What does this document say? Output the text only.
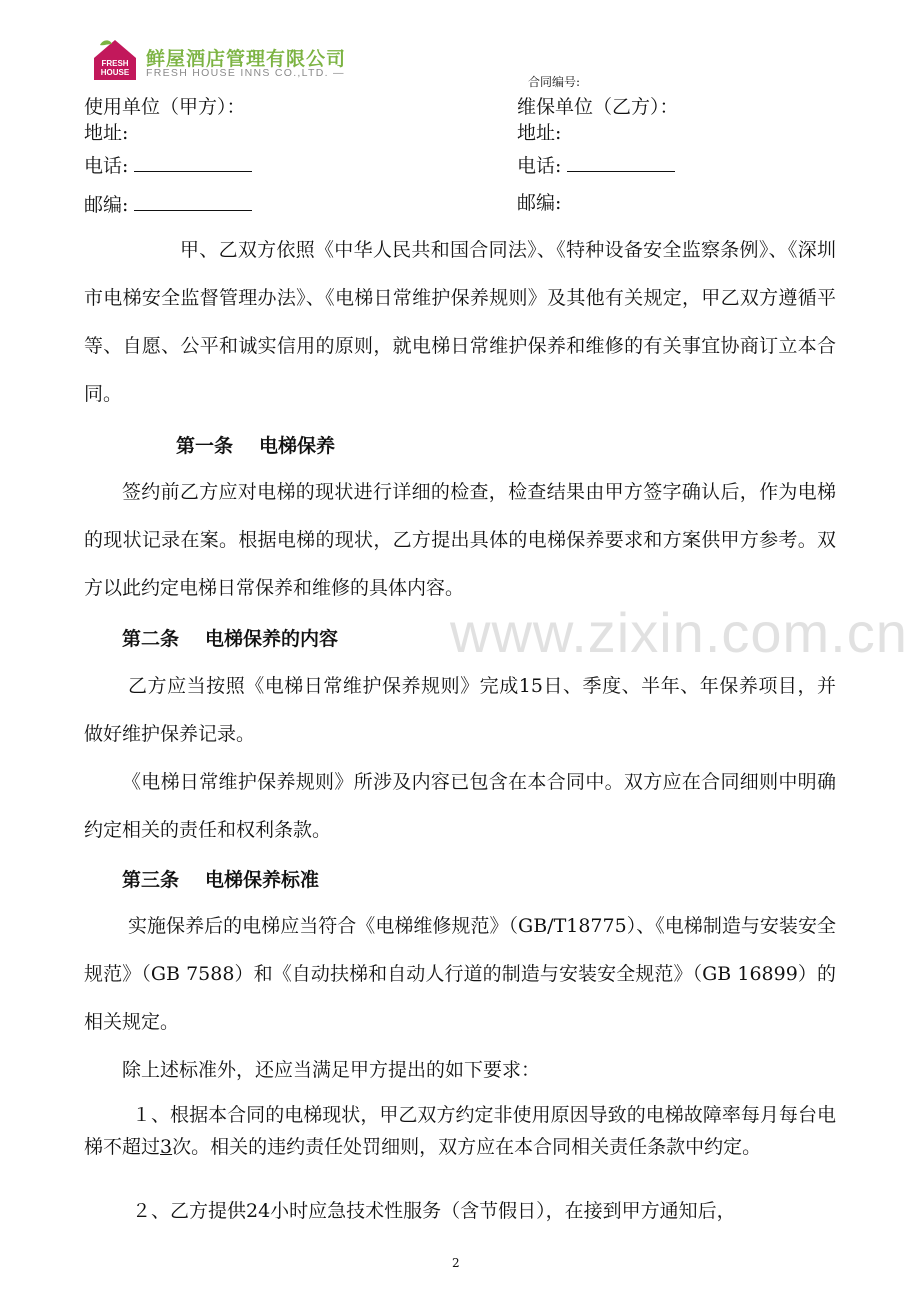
FRESH
HOUSE
鲜屋酒店管理有限公司
FRESH HOUSE INNS CO.,LTD. —
合同编号:
使用单位（甲方）：
地址:
电话:
邮编:
维保单位（乙方）：
地址:
电话:
邮编:

甲、乙双方依照《中华人民共和国合同法》、《特种设备安全监察条例》、《深圳市电梯安全监督管理办法》、《电梯日常维护保养规则》及其他有关规定，甲乙双方遵循平等、自愿、公平和诚实信用的原则，就电梯日常维护保养和维修的有关事宜协商订立本合同。

第一条 电梯保养

签约前乙方应对电梯的现状进行详细的检查，检查结果由甲方签字确认后，作为电梯的现状记录在案。根据电梯的现状，乙方提出具体的电梯保养要求和方案供甲方参考。双方以此约定电梯日常保养和维修的具体内容。

第二条 电梯保养的内容

乙方应当按照《电梯日常维护保养规则》完成15日、季度、半年、年保养项目，并做好维护保养记录。

《电梯日常维护保养规则》所涉及内容已包含在本合同中。双方应在合同细则中明确约定相关的责任和权利条款。

第三条 电梯保养标准

实施保养后的电梯应当符合《电梯维修规范》（GB/T18775）、《电梯制造与安装安全规范》（GB 7588）和《自动扶梯和自动人行道的制造与安装安全规范》（GB 16899）的相关规定。

除上述标准外，还应当满足甲方提出的如下要求：

１、根据本合同的电梯现状，甲乙双方约定非使用原因导致的电梯故障率每月每台电梯不超过3次。相关的违约责任处罚细则，双方应在本合同相关责任条款中约定。

２、乙方提供24小时应急技术性服务（含节假日），在接到甲方通知后，

www.zixin.com.cn
2
